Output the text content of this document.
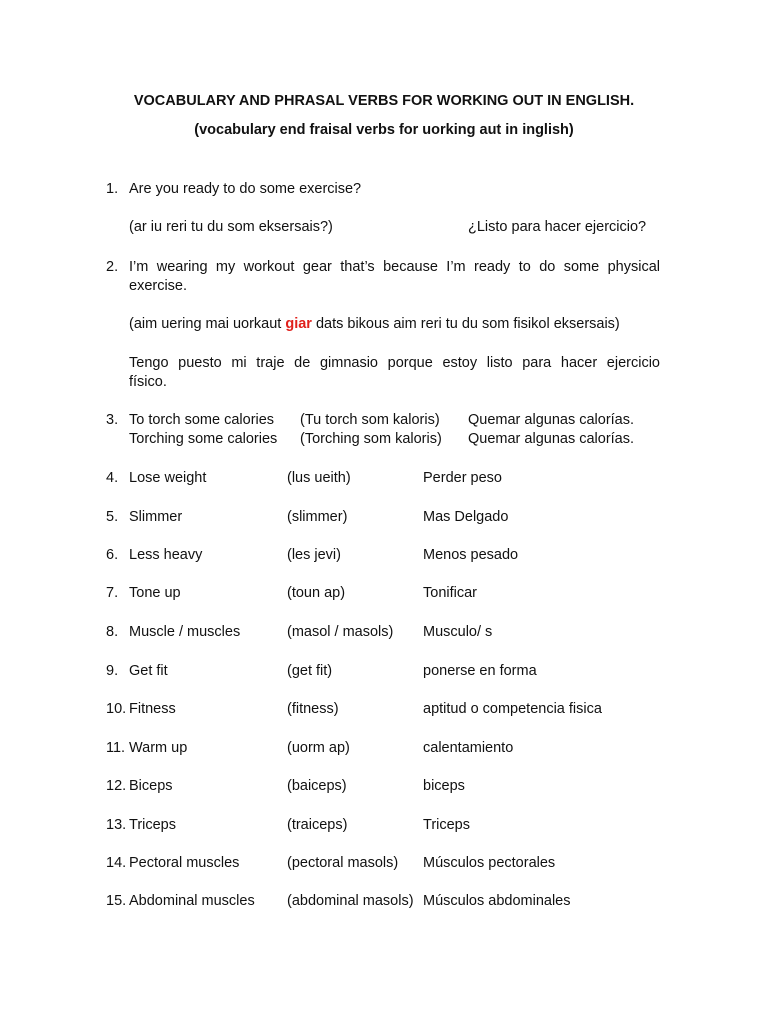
VOCABULARY AND PHRASAL VERBS FOR WORKING OUT IN ENGLISH.
(vocabulary end fraisal verbs for uorking aut in inglish)
1. Are you ready to do some exercise?
(ar iu reri tu du som eksersais?)	¿Listo para hacer ejercicio?
2. I’m wearing my workout gear that’s because I’m ready to do some physical
exercise.
(aim uering mai uorkaut giar dats bikous aim reri tu du som fisikol eksersais)
Tengo puesto mi traje de gimnasio porque estoy listo para hacer ejercicio
físico.
3. To torch some calories (Tu torch som kaloris) Quemar algunas calorías.
Torching some calories (Torching som kaloris) Quemar algunas calorías.
4. Lose weight	(lus ueith)	Perder peso
5. Slimmer	(slimmer)	Mas Delgado
6. Less heavy	(les jevi)	Menos pesado
7. Tone up	(toun ap)	Tonificar
8. Muscle / muscles	(masol / masols) Musculo/ s
9. Get fit	(get fit)	ponerse en forma
10. Fitness	(fitness)	aptitud o competencia fisica
11. Warm up	(uorm ap)	calentamiento
12. Biceps	(baiceps)	biceps
13. Triceps	(traiceps)	Triceps
14. Pectoral muscles	(pectoral masols) Músculos pectorales
15. Abdominal muscles (abdominal masols) Músculos abdominales
